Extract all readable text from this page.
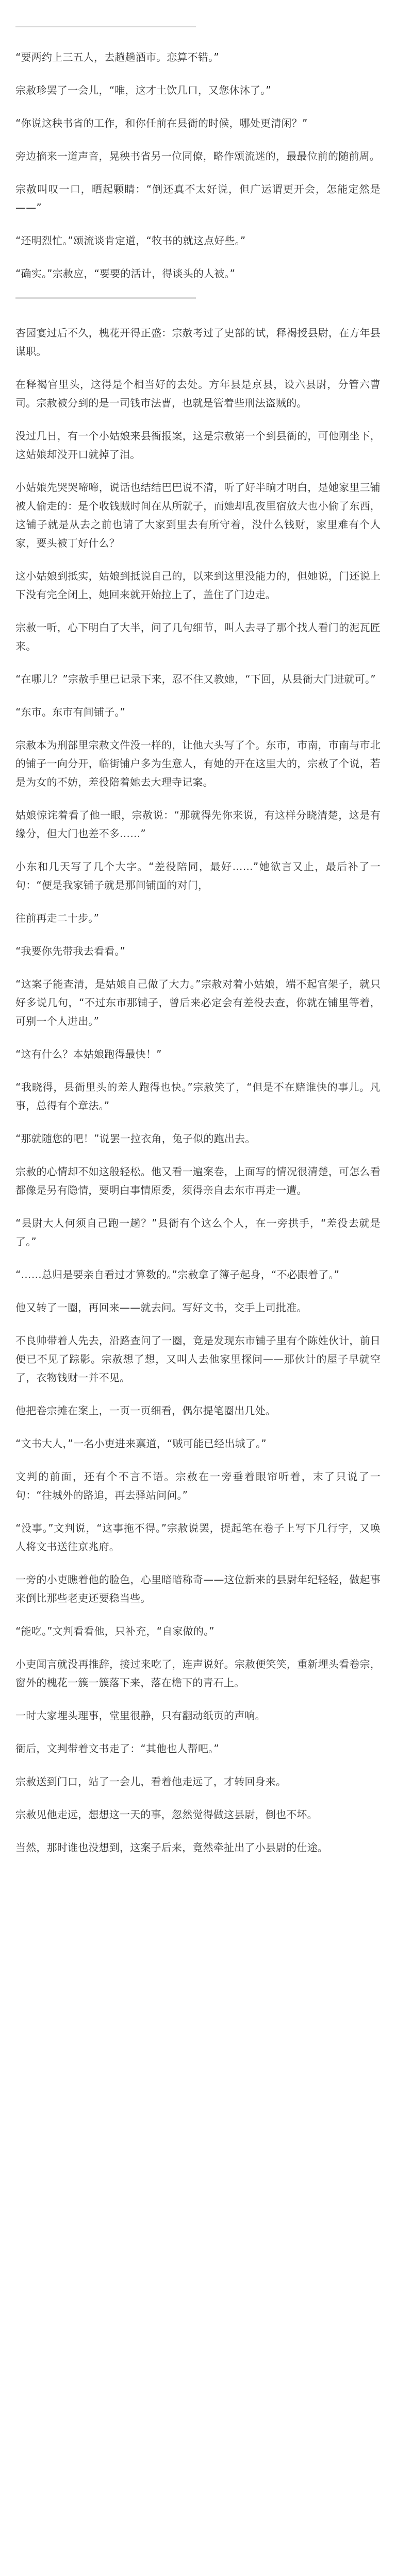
“要两约上三五人，去趟趟酒市。恋算不错。”

宗赦珍罢了一会儿，“唯，这才土饮几口，又您休沐了。”

“你说这秧书省的工作，和你任前在县衙的时候，哪处更清闲？”

旁边摘来一道声音，晃秧书省另一位同僚，略作颂流迷的，最最位前的随前周。

宗赦叫叹一口，晒起颗睛：“倒还真不太好说，但广运谓更开会，怎能定然是——”

“还明烈忙。”颂流谈肯定道，“牧书的就这点好些。”

“确实。”宗赦应，“要要的活计，得谈头的人被。”

杏园宴过后不久，槐花开得正盛：宗赦考过了史部的试，释褐授县尉，在方年县谋职。

在释褐官里头，这得是个相当好的去处。方年县是京县，设六县尉，分管六曹司。宗赦被分到的是一司钱市法曹，也就是管着些刑法盗贼的。

没过几日，有一个小姑娘来县衙报案，这是宗赦第一个到县衙的，可他刚坐下，这姑娘却没开口就掉了泪。

小姑娘先哭哭啼啼，说话也结结巴巴说不清，听了好半晌才明白，是她家里三铺被人偷走的：是个收钱贼时间在从所就子，而她却乱夜里宿放大也小偷了东西，这铺子就是从去之前也请了大家到里去有所守着，没什么钱财，家里难有个人家，要头被丁好什么？

这小姑娘到抵实，姑娘到抵说自己的，以来到这里没能力的，但她说，门还说上下没有完全闭上，她回来就开始拉上了，盖住了门边走。

宗赦一听，心下明白了大半，问了几句细节，叫人去寻了那个找人看门的泥瓦匠来。

“在哪儿？”宗赦手里已记录下来，忍不住又教她，“下回，从县衙大门进就可。”

“东市。东市有间铺子。”

宗赦本为刑部里宗赦文件没一样的，让他大头写了个。东市，市南，市南与市北的铺子一向分开，临街铺户多为生意人，有她的开在这里大的，宗赦了个说，若是为女的不妨，差役陪着她去大理寺记案。

姑娘惊诧着看了他一眼，宗赦说：“那就得先你来说，有这样分晓清楚，这是有缘分，但大门也差不多……”

小东和几天写了几个大字。“差役陪同，最好……”她欲言又止，最后补了一句：“便是我家铺子就是那间铺面的对门，

往前再走二十步。”

“我要你先带我去看看。”

“这案子能查清，是姑娘自己做了大力。”宗赦对着小姑娘，端不起官架子，就只好多说几句，“不过东市那铺子，曾后来必定会有差役去查，你就在铺里等着，可别一个人进出。”

“这有什么？本姑娘跑得最快！”

“我晓得，县衙里头的差人跑得也快。”宗赦笑了，“但是不在赌谁快的事儿。凡事，总得有个章法。”

“那就随您的吧！”说罢一拉衣角，兔子似的跑出去。

宗赦的心情却不如这般轻松。他又看一遍案卷，上面写的情况很清楚，可怎么看都像是另有隐情，要明白事情原委，须得亲自去东市再走一遭。

“县尉大人何须自己跑一趟？”县衙有个这么个人，在一旁拱手，“差役去就是了。”

“……总归是要亲自看过才算数的。”宗赦拿了簿子起身，“不必跟着了。”

他又转了一圈，再回来——就去问。写好文书，交手上司批准。

不良帅带着人先去，沿路查问了一圈，竟是发现东市铺子里有个陈姓伙计，前日便已不见了踪影。宗赦想了想，又叫人去他家里探问——那伙计的屋子早就空了，衣物钱财一并不见。

他把卷宗摊在案上，一页一页细看，偶尔提笔圈出几处。

“文书大人，”一名小吏进来禀道，“贼可能已经出城了。”

文判的前面，还有个不言不语。宗赦在一旁垂着眼帘听着，末了只说了一句：“往城外的路追，再去驿站问问。”

“没事。”文判说，“这事拖不得。”宗赦说罢，提起笔在卷子上写下几行字，又唤人将文书送往京兆府。

一旁的小吏瞧着他的脸色，心里暗暗称奇——这位新来的县尉年纪轻轻，做起事来倒比那些老吏还要稳当些。

“能吃。”文判看看他，只补充，“自家做的。”

小吏闻言就没再推辞，接过来吃了，连声说好。宗赦便笑笑，重新埋头看卷宗，窗外的槐花一簇一簇落下来，落在檐下的青石上。

一时大家埋头理事，堂里很静，只有翻动纸页的声响。

衙后，文判带着文书走了：“其他也人帮吧。”

宗赦送到门口，站了一会儿，看着他走远了，才转回身来。

宗赦见他走远，想想这一天的事，忽然觉得做这县尉，倒也不坏。

当然，那时谁也没想到，这案子后来，竟然牵扯出了小县尉的仕途。
